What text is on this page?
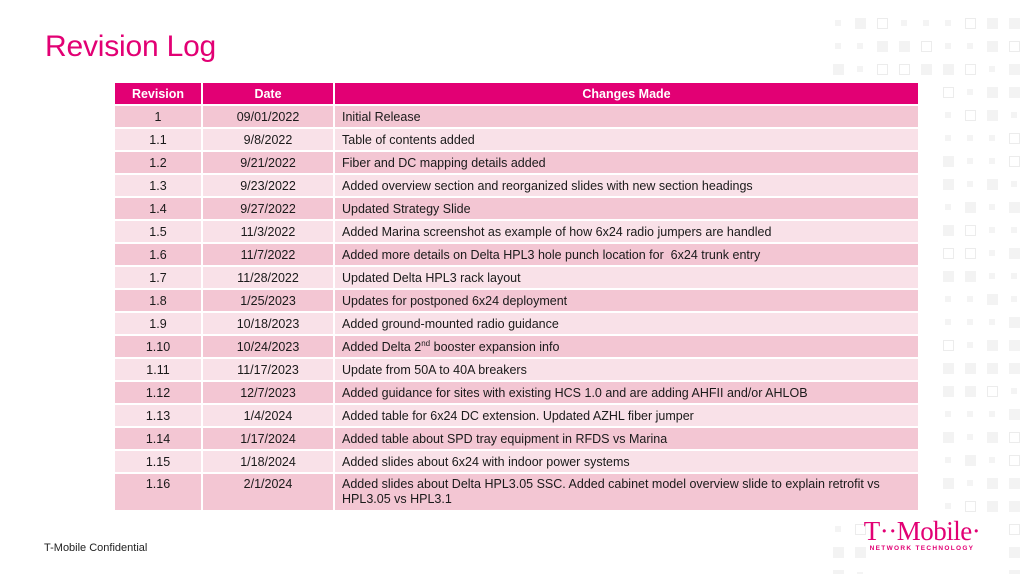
Revision Log
Revision	Date	Changes Made
1	09/01/2022	Initial Release
1.1	9/8/2022	Table of contents added
1.2	9/21/2022	Fiber and DC mapping details added
1.3	9/23/2022	Added overview section and reorganized slides with new section headings
1.4	9/27/2022	Updated Strategy Slide
1.5	11/3/2022	Added Marina screenshot as example of how 6x24 radio jumpers are handled
1.6	11/7/2022	Added more details on Delta HPL3 hole punch location for  6x24 trunk entry
1.7	11/28/2022	Updated Delta HPL3 rack layout
1.8	1/25/2023	Updates for postponed 6x24 deployment
1.9	10/18/2023	Added ground-mounted radio guidance
1.10	10/24/2023	Added Delta 2nd booster expansion info
1.11	11/17/2023	Update from 50A to 40A breakers
1.12	12/7/2023	Added guidance for sites with existing HCS 1.0 and are adding AHFII and/or AHLOB
1.13	1/4/2024	Added table for 6x24 DC extension. Updated AZHL fiber jumper
1.14	1/17/2024	Added table about SPD tray equipment in RFDS vs Marina
1.15	1/18/2024	Added slides about 6x24 with indoor power systems
1.16	2/1/2024	Added slides about Delta HPL3.05 SSC. Added cabinet model overview slide to explain retrofit vs HPL3.05 vs HPL3.1
T-Mobile Confidential
T··Mobile·
NETWORK TECHNOLOGY
